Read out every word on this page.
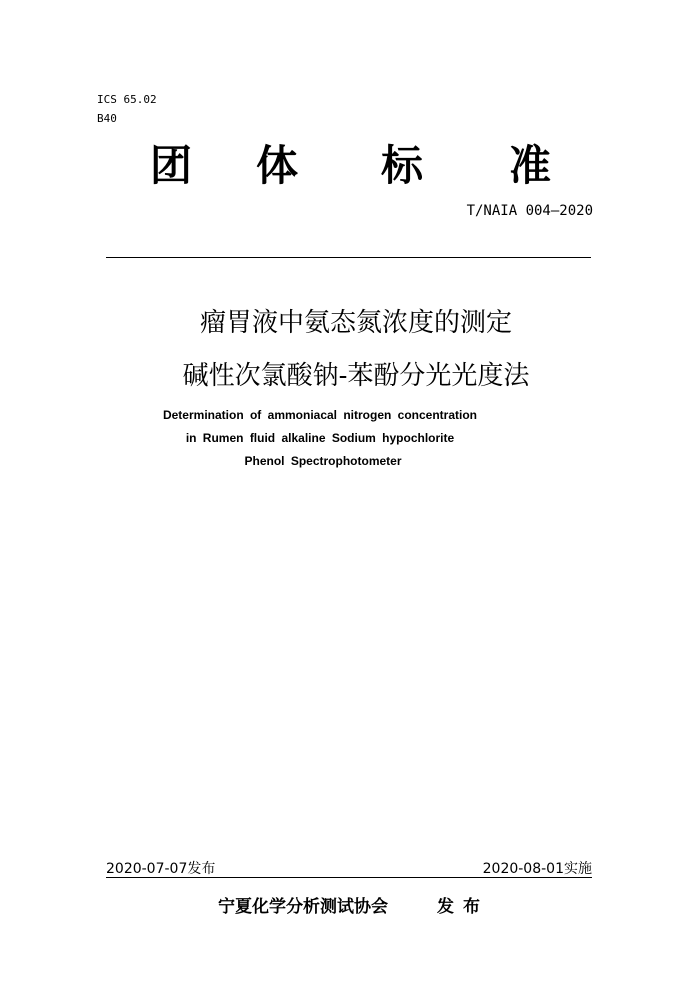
ICS 65.02
B40
团 体 标 准
T/NAIA 004—2020
瘤胃液中氨态氮浓度的测定
碱性次氯酸钠-苯酚分光光度法
Determination of ammoniacal nitrogen concentration
in Rumen fluid alkaline Sodium hypochlorite
Phenol Spectrophotometer
2020-07-07发布	2020-08-01实施
宁夏化学分析测试协会	发布
